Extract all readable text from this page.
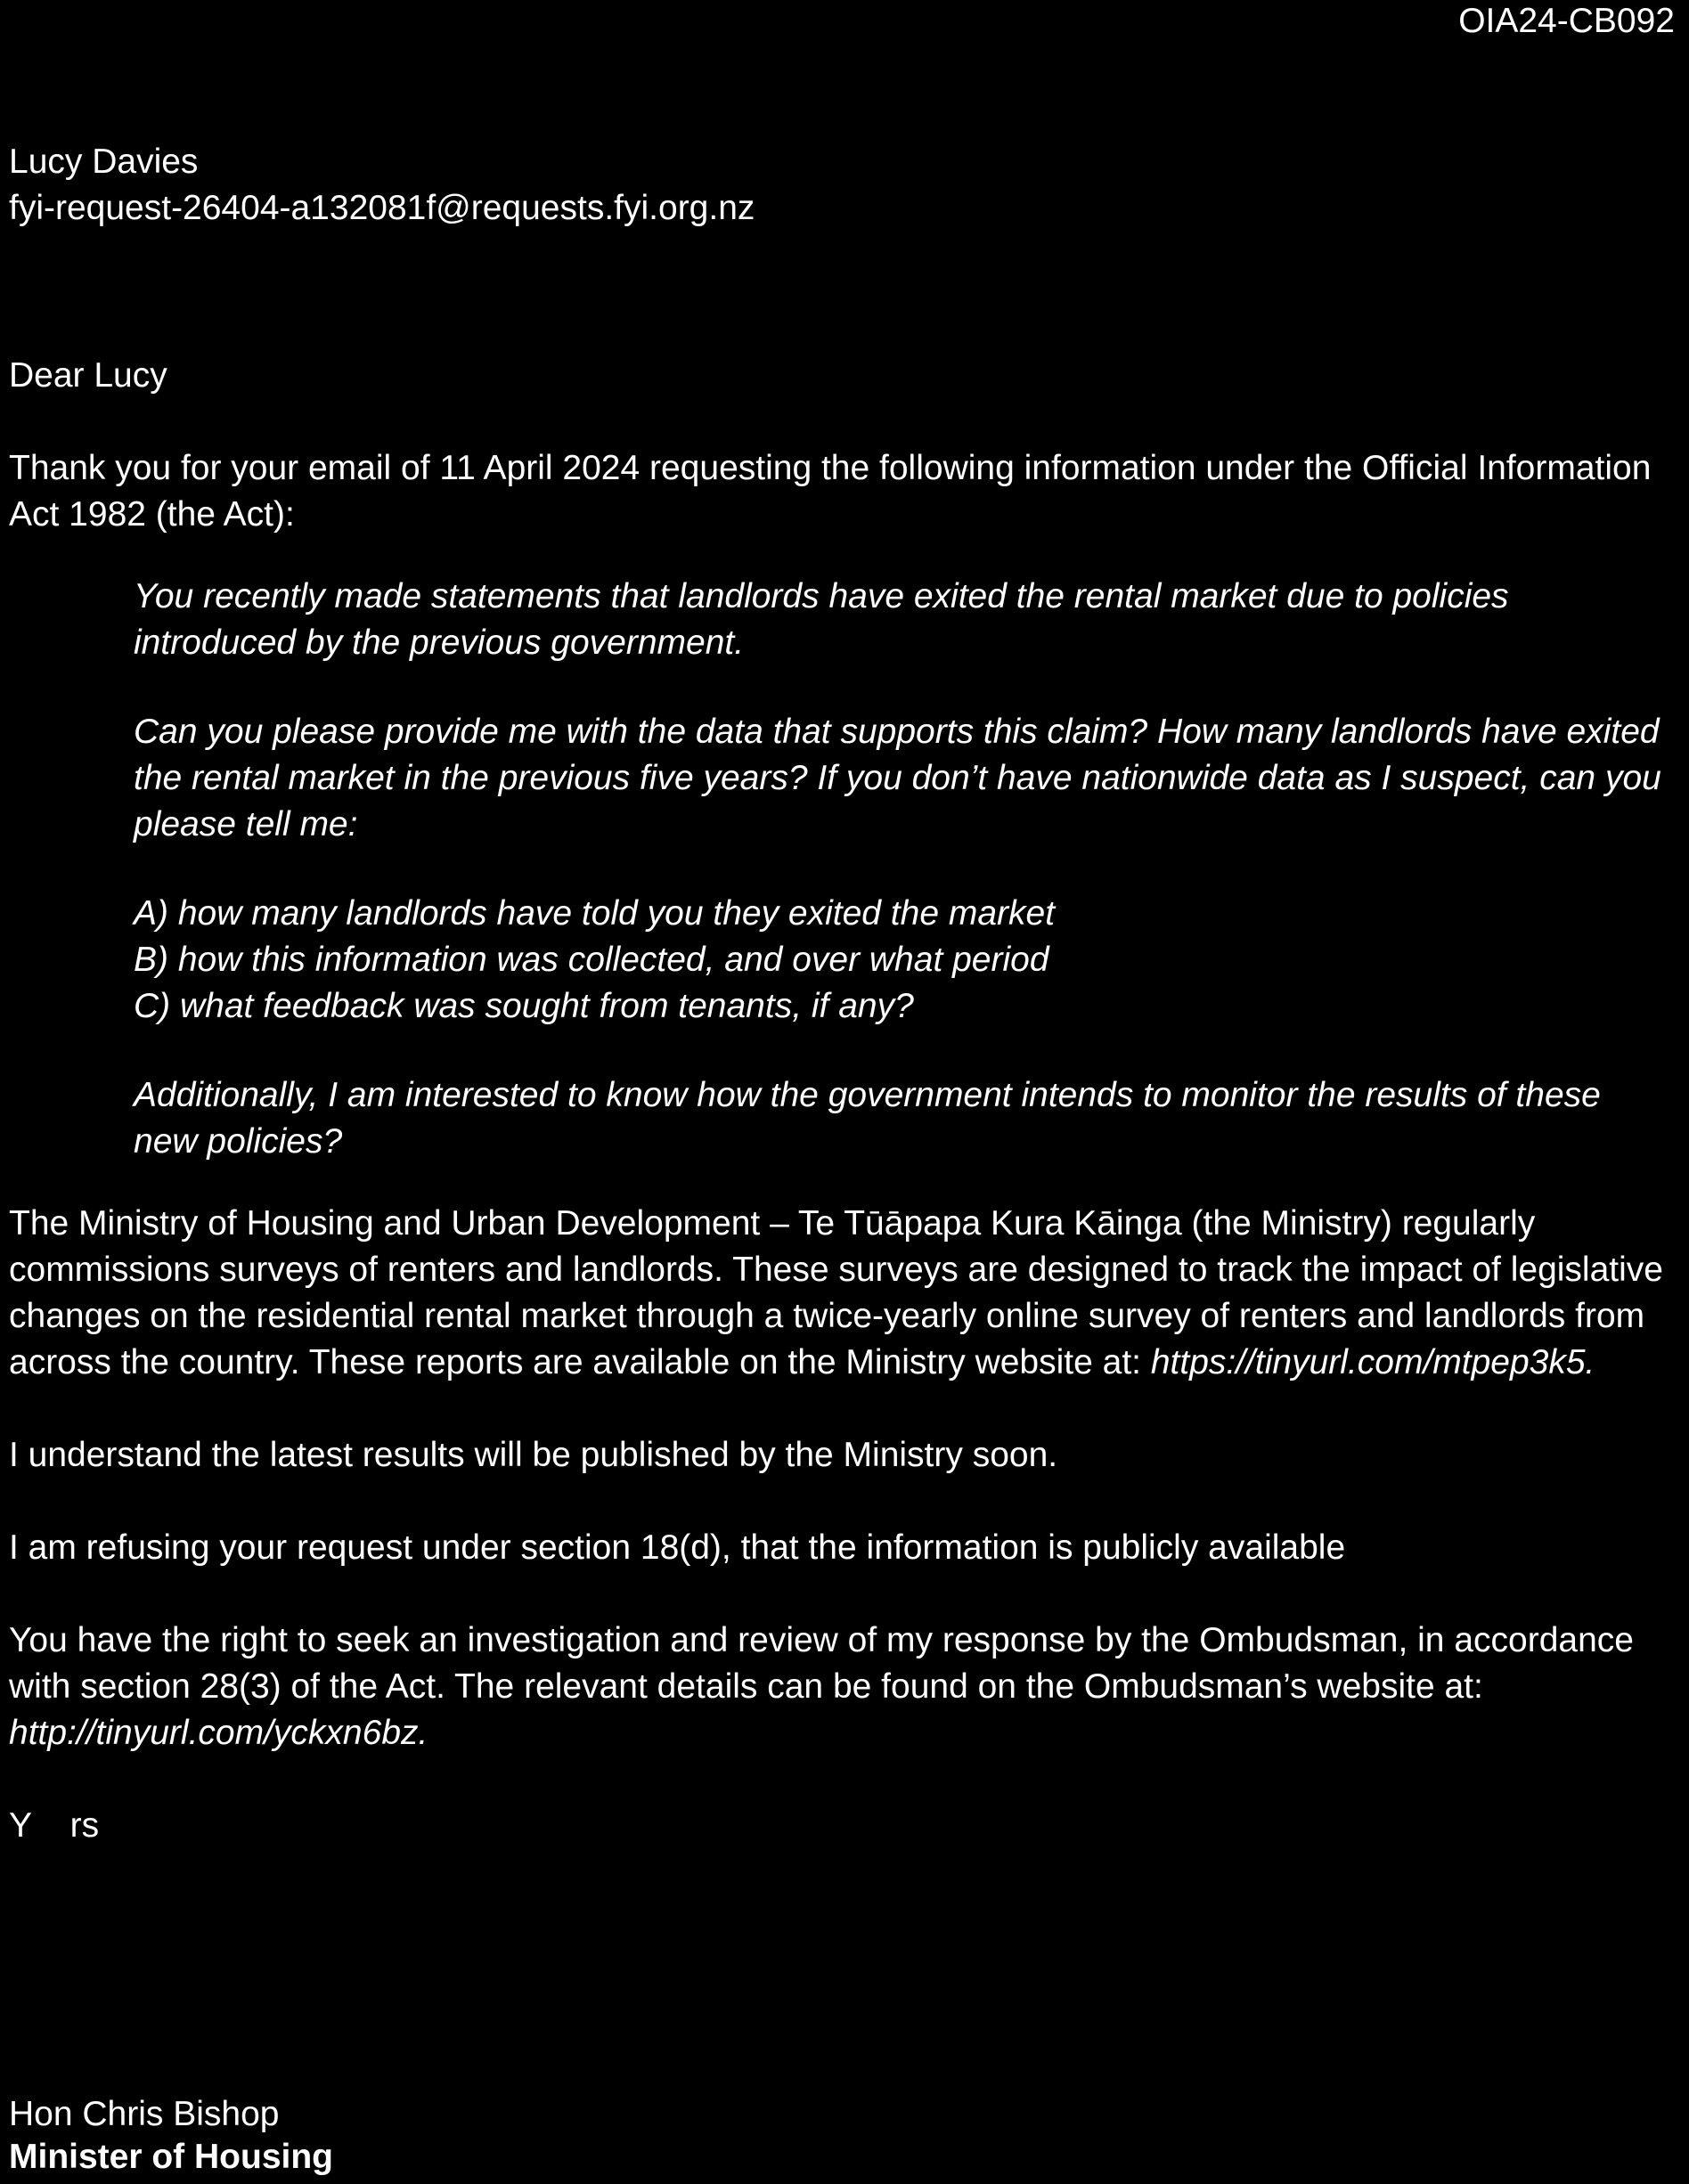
OIA24-CB092

Lucy Davies
fyi-request-26404-a132081f@requests.fyi.org.nz

Dear Lucy

Thank you for your email of 11 April 2024 requesting the following information under the Official Information Act 1982 (the Act):

You recently made statements that landlords have exited the rental market due to policies introduced by the previous government.

Can you please provide me with the data that supports this claim? How many landlords have exited the rental market in the previous five years? If you don’t have nationwide data as I suspect, can you please tell me:

A) how many landlords have told you they exited the market
B) how this information was collected, and over what period
C) what feedback was sought from tenants, if any?

Additionally, I am interested to know how the government intends to monitor the results of these new policies?

The Ministry of Housing and Urban Development – Te Tūāpapa Kura Kāinga (the Ministry) regularly commissions surveys of renters and landlords. These surveys are designed to track the impact of legislative changes on the residential rental market through a twice-yearly online survey of renters and landlords from across the country. These reports are available on the Ministry website at: https://tinyurl.com/mtpep3k5.

I understand the latest results will be published by the Ministry soon.

I am refusing your request under section 18(d), that the information is publicly available

You have the right to seek an investigation and review of my response by the Ombudsman, in accordance with section 28(3) of the Act. The relevant details can be found on the Ombudsman’s website at: http://tinyurl.com/yckxn6bz.

Y    rs

Hon Chris Bishop
Minister of Housing
